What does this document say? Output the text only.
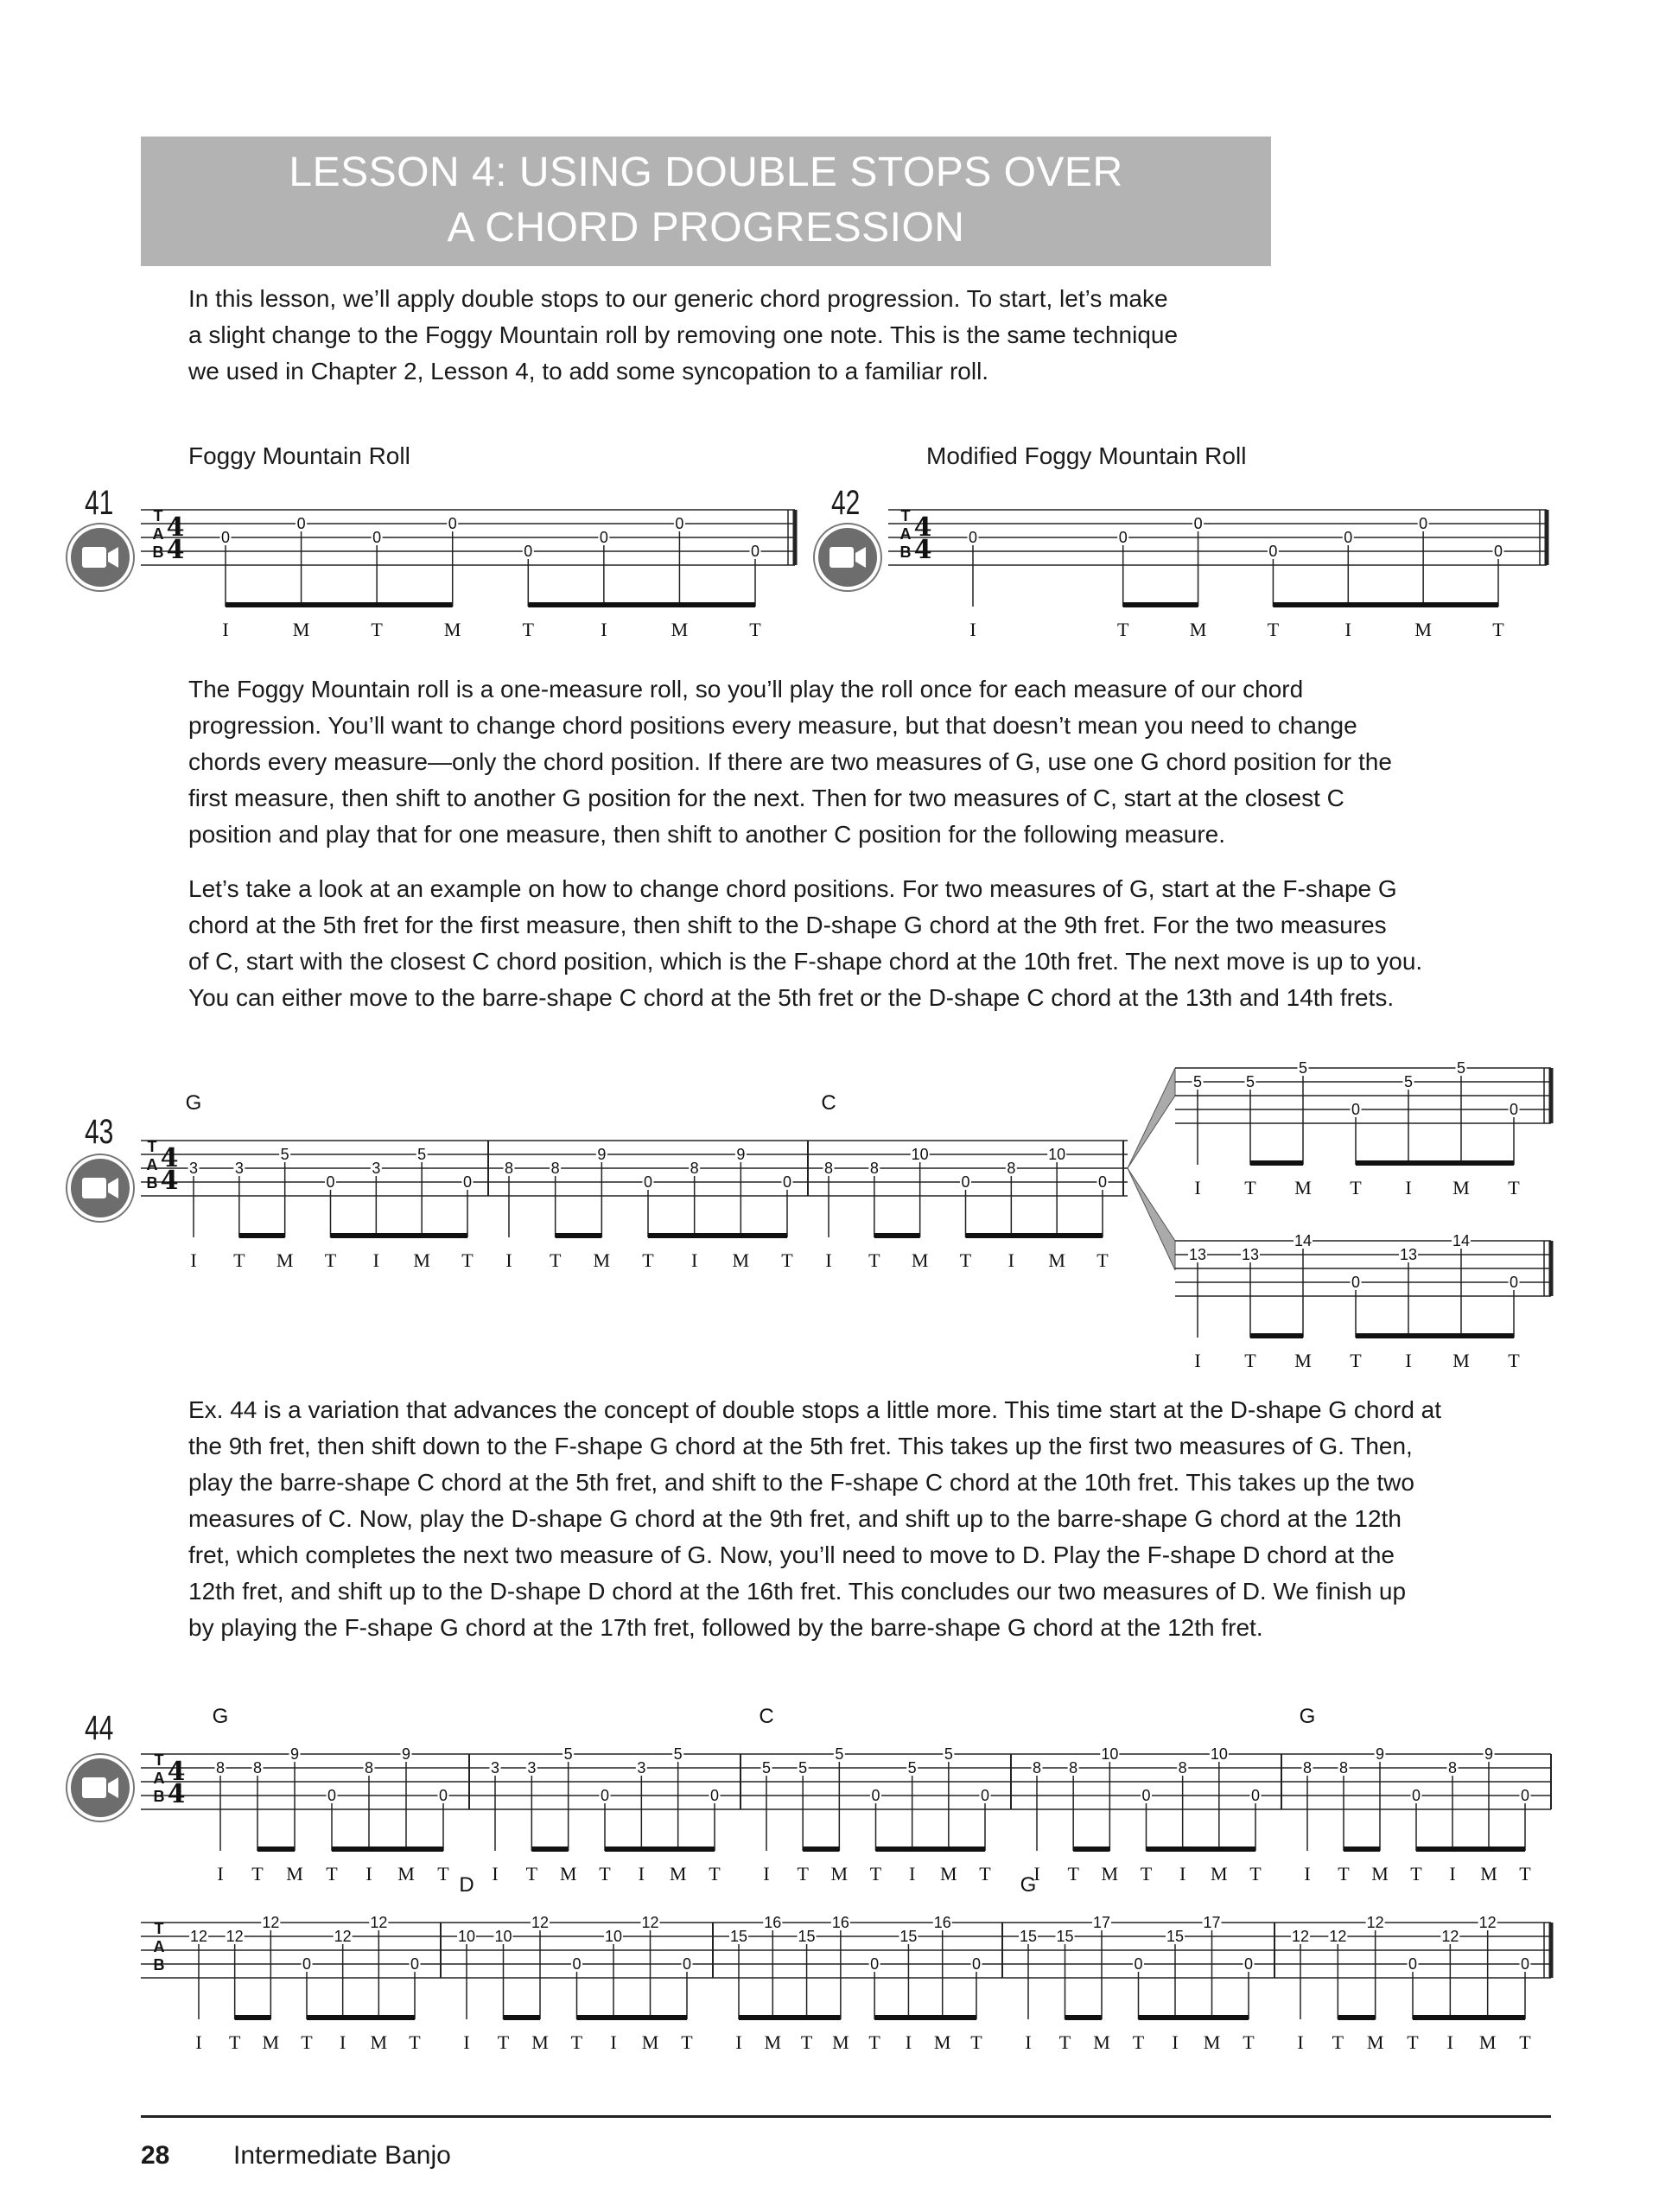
LESSON 4: USING DOUBLE STOPS OVER
A CHORD PROGRESSION
In this lesson, we’ll apply double stops to our generic chord progression. To start, let’s make
a slight change to the Foggy Mountain roll by removing one note. This is the same technique
we used in Chapter 2, Lesson 4, to add some syncopation to a familiar roll.
Foggy Mountain Roll	Modified Foggy Mountain Roll
41	42
43
44
T
A
B
4
4 0
I
0
M
0
T
0
M
0
T
0
I
0
M
0
T
T
A
B
4
4 0
I
0
T
0
M
0
T
0
I
0
M
0
T
T
A
B
4
4 3
I
3
T
5
M
0
T
3
I
5
M
0
T
G
8
I
8
T
9
M
0
T
8
I
9
M
0
T
8
I
8
T
10
M
0
T
8
I
10
M
0
T
C
5
I
5
T
5
M
0
T
5
I
5
M
0
T
13
I
13
T
14
M
0
T
13
I
14
M
0
T
T
A
B
4
4
8
I
8
T
9
M
0
T
8
I
9
M
0
T
G
3
I
3
T
5
M
0
T
3
I
5
M
0
T
5
I
5
T
5
M
0
T
5
I
5
M
0
T
C
8
I
8
T
10
M
0
T
8
I
10
M
0
T
8
I
8
T
9
M
0
T
8
I
9
M
0
T
G
T
A
B
12
I
12
T
12
M
0
T
12
I
12
M
0
T
10
I
10
T
12
M
0
T
10
I
12
M
0
T
D
15
I
16
M
15
T
16
M
0
T
15
I
16
M
0
T
15
I
15
T
17
M
0
T
15
I
17
M
0
T
G
12
I
12
T
12
M
0
T
12
I
12
M
0
T
The Foggy Mountain roll is a one-measure roll, so you’ll play the roll once for each measure of our chord
progression. You’ll want to change chord positions every measure, but that doesn’t mean you need to change
chords every measure—only the chord position. If there are two measures of G, use one G chord position for the
first measure, then shift to another G position for the next. Then for two measures of C, start at the closest C
position and play that for one measure, then shift to another C position for the following measure.
Let’s take a look at an example on how to change chord positions. For two measures of G, start at the F-shape G
chord at the 5th fret for the first measure, then shift to the D-shape G chord at the 9th fret. For the two measures
of C, start with the closest C chord position, which is the F-shape chord at the 10th fret. The next move is up to you.
You can either move to the barre-shape C chord at the 5th fret or the D-shape C chord at the 13th and 14th frets.
Ex. 44 is a variation that advances the concept of double stops a little more. This time start at the D-shape G chord at
the 9th fret, then shift down to the F-shape G chord at the 5th fret. This takes up the first two measures of G. Then,
play the barre-shape C chord at the 5th fret, and shift to the F-shape C chord at the 10th fret. This takes up the two
measures of C. Now, play the D-shape G chord at the 9th fret, and shift up to the barre-shape G chord at the 12th
fret, which completes the next two measure of G. Now, you’ll need to move to D. Play the F-shape D chord at the
12th fret, and shift up to the D-shape D chord at the 16th fret. This concludes our two measures of D. We finish up
by playing the F-shape G chord at the 17th fret, followed by the barre-shape G chord at the 12th fret.
28 Intermediate Banjo
